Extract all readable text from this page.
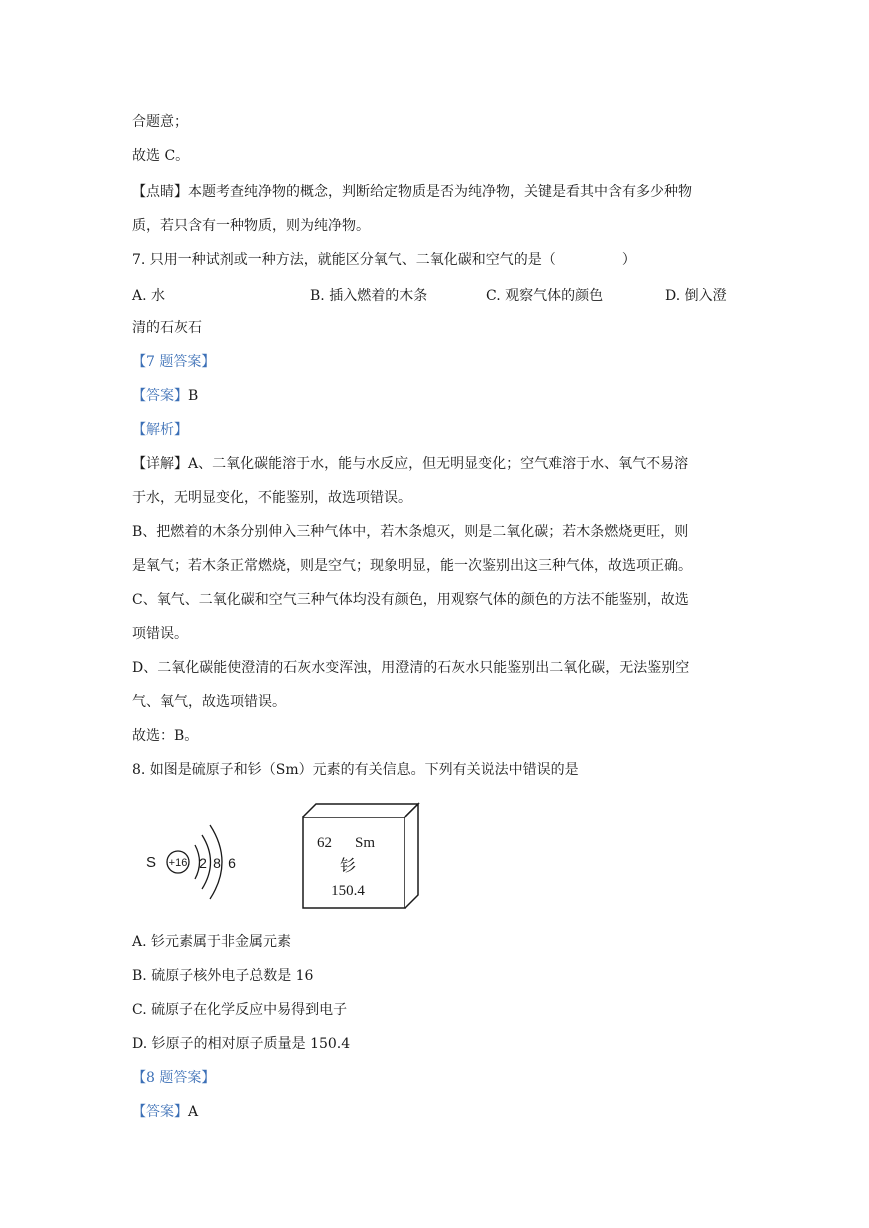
合题意；
故选 C。
【点睛】本题考查纯净物的概念，判断给定物质是否为纯净物，关键是看其中含有多少种物
质，若只含有一种物质，则为纯净物。
7. 只用一种试剂或一种方法，就能区分氧气、二氧化碳和空气的是（	）
A. 水	B. 插入燃着的木条	C. 观察气体的颜色	D. 倒入澄
清的石灰石
【7 题答案】
【答案】B
【解析】
【详解】A、二氧化碳能溶于水，能与水反应，但无明显变化；空气难溶于水、氧气不易溶
于水，无明显变化，不能鉴别，故选项错误。
B、把燃着的木条分别伸入三种气体中，若木条熄灭，则是二氧化碳；若木条燃烧更旺，则
是氧气；若木条正常燃烧，则是空气；现象明显，能一次鉴别出这三种气体，故选项正确。
C、氧气、二氧化碳和空气三种气体均没有颜色，用观察气体的颜色的方法不能鉴别，故选
项错误。
D、二氧化碳能使澄清的石灰水变浑浊，用澄清的石灰水只能鉴别出二氧化碳，无法鉴别空
气、氧气，故选项错误。
故选：B。
8. 如图是硫原子和钐（Sm）元素的有关信息。下列有关说法中错误的是
S +16 2 8 6
62 Sm
钐
150.4
A. 钐元素属于非金属元素
B. 硫原子核外电子总数是 16
C. 硫原子在化学反应中易得到电子
D. 钐原子的相对原子质量是 150.4
【8 题答案】
【答案】A
